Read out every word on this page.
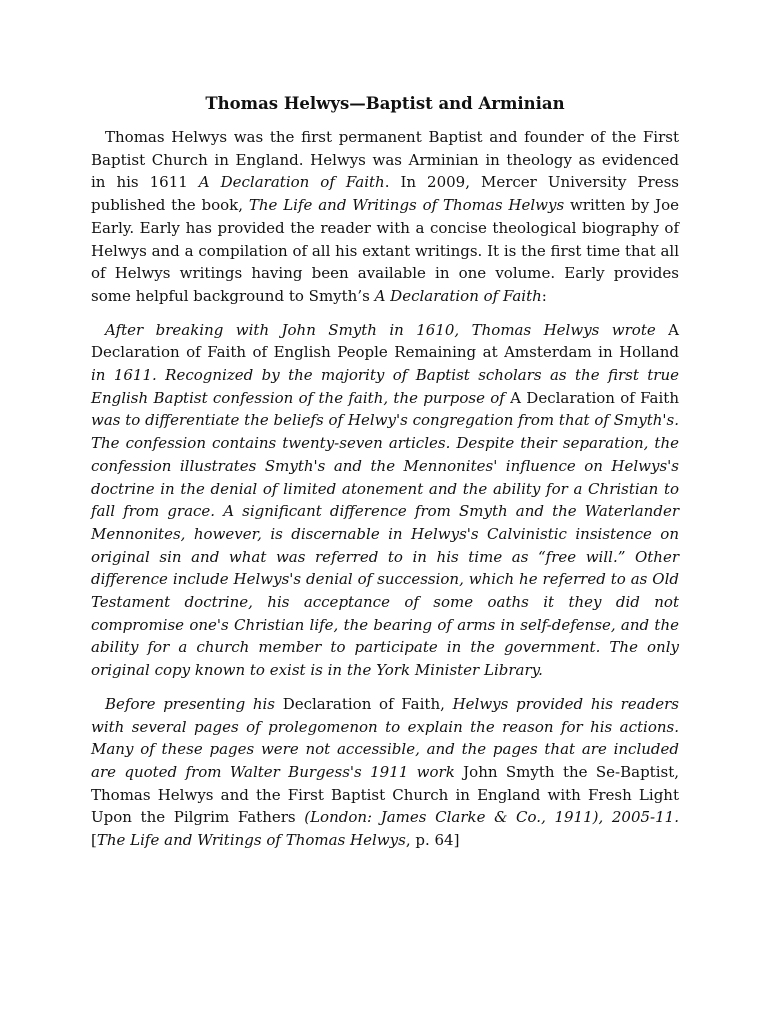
Thomas Helwys—Baptist and Arminian

Thomas Helwys was the first permanent Baptist and founder of the First Baptist Church in England. Helwys was Arminian in theology as evidenced in his 1611 A Declaration of Faith. In 2009, Mercer University Press published the book, The Life and Writings of Thomas Helwys written by Joe Early. Early has provided the reader with a concise theological biography of Helwys and a compilation of all his extant writings. It is the first time that all of Helwys writings having been available in one volume. Early provides some helpful background to Smyth’s A Declaration of Faith:

After breaking with John Smyth in 1610, Thomas Helwys wrote A Declaration of Faith of English People Remaining at Amsterdam in Holland in 1611. Recognized by the majority of Baptist scholars as the first true English Baptist confession of the faith, the purpose of A Declaration of Faith was to differentiate the beliefs of Helwy's congregation from that of Smyth's. The confession contains twenty-seven articles. Despite their separation, the confession illustrates Smyth's and the Mennonites' influence on Helwys's doctrine in the denial of limited atonement and the ability for a Christian to fall from grace. A significant difference from Smyth and the Waterlander Mennonites, however, is discernable in Helwys's Calvinistic insistence on original sin and what was referred to in his time as “free will.” Other difference include Helwys's denial of succession, which he referred to as Old Testament doctrine, his acceptance of some oaths it they did not compromise one's Christian life, the bearing of arms in self-defense, and the ability for a church member to participate in the government. The only original copy known to exist is in the York Minister Library.

Before presenting his Declaration of Faith, Helwys provided his readers with several pages of prolegomenon to explain the reason for his actions. Many of these pages were not accessible, and the pages that are included are quoted from Walter Burgess's 1911 work John Smyth the Se-Baptist, Thomas Helwys and the First Baptist Church in England with Fresh Light Upon the Pilgrim Fathers (London: James Clarke & Co., 1911), 2005-11. [The Life and Writings of Thomas Helwys, p. 64]
